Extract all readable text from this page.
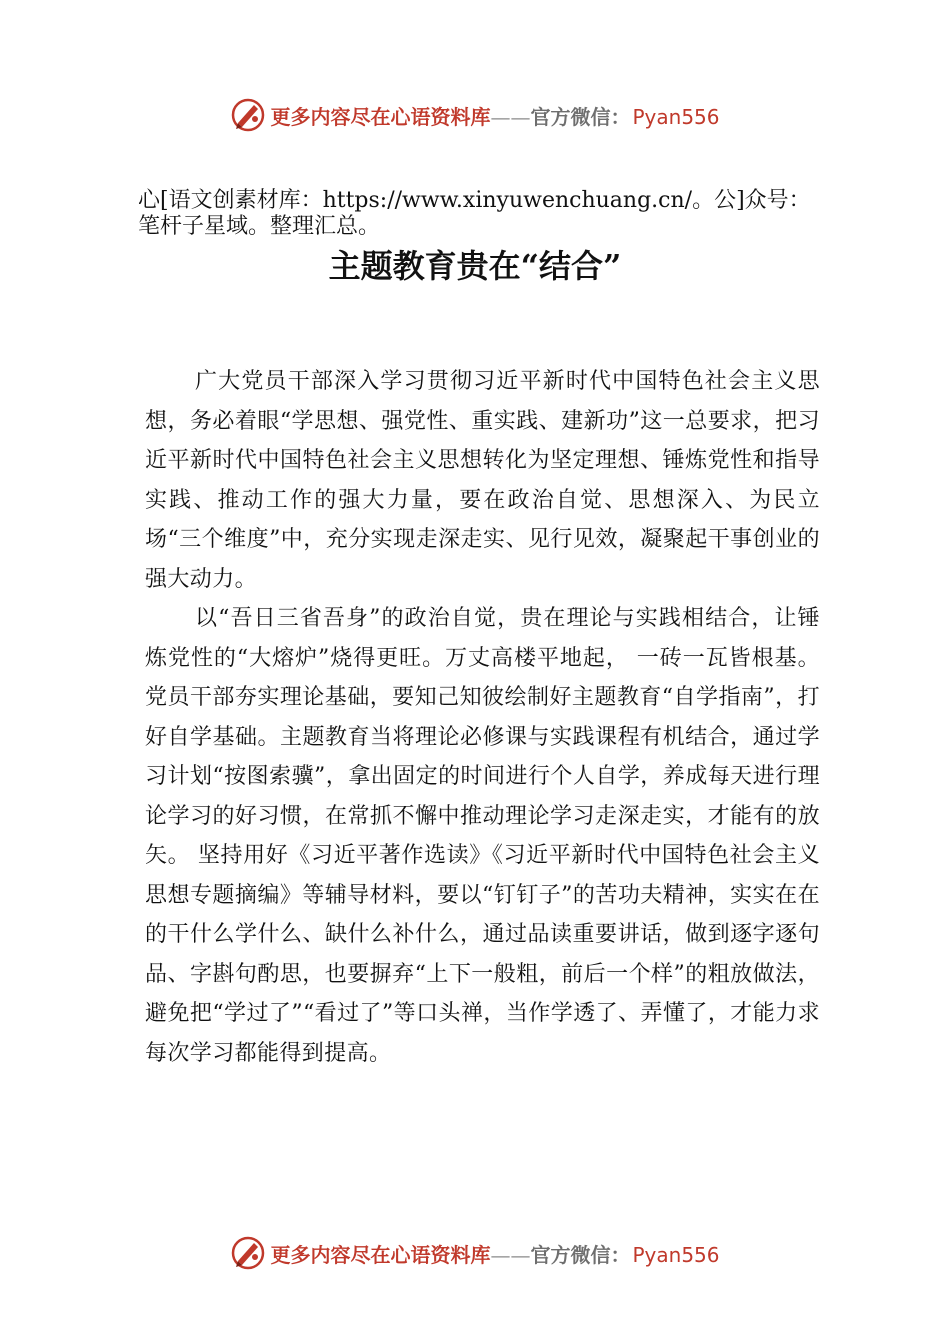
更多内容尽在心语资料库——官方微信： Pyan556
心[语文创素材库：https://www.xinyuwenchuang.cn/。公]众号：笔杆子星域。整理汇总。
主题教育贵在“结合”

广大党员干部深入学习贯彻习近平新时代中国特色社会主义思想，务必着眼“学思想、强党性、重实践、建新功”这一总要求，把习近平新时代中国特色社会主义思想转化为坚定理想、锤炼党性和指导实践、推动工作的强大力量，要在政治自觉、思想深入、为民立场“三个维度”中，充分实现走深走实、见行见效，凝聚起干事创业的强大动力。

以“吾日三省吾身”的政治自觉，贵在理论与实践相结合，让锤炼党性的“大熔炉”烧得更旺。万丈高楼平地起， 一砖一瓦皆根基。党员干部夯实理论基础，要知己知彼绘制好主题教育“自学指南”，打好自学基础。主题教育当将理论必修课与实践课程有机结合，通过学习计划“按图索骥”，拿出固定的时间进行个人自学，养成每天进行理论学习的好习惯，在常抓不懈中推动理论学习走深走实，才能有的放矢。 坚持用好《习近平著作选读》《习近平新时代中国特色社会主义思想专题摘编》等辅导材料，要以“钉钉子”的苦功夫精神，实实在在的干什么学什么、缺什么补什么，通过品读重要讲话，做到逐字逐句品、字斟句酌思，也要摒弃“上下一般粗，前后一个样”的粗放做法，避免把“学过了”“看过了”等口头禅，当作学透了、弄懂了，才能力求每次学习都能得到提高。

更多内容尽在心语资料库——官方微信： Pyan556
